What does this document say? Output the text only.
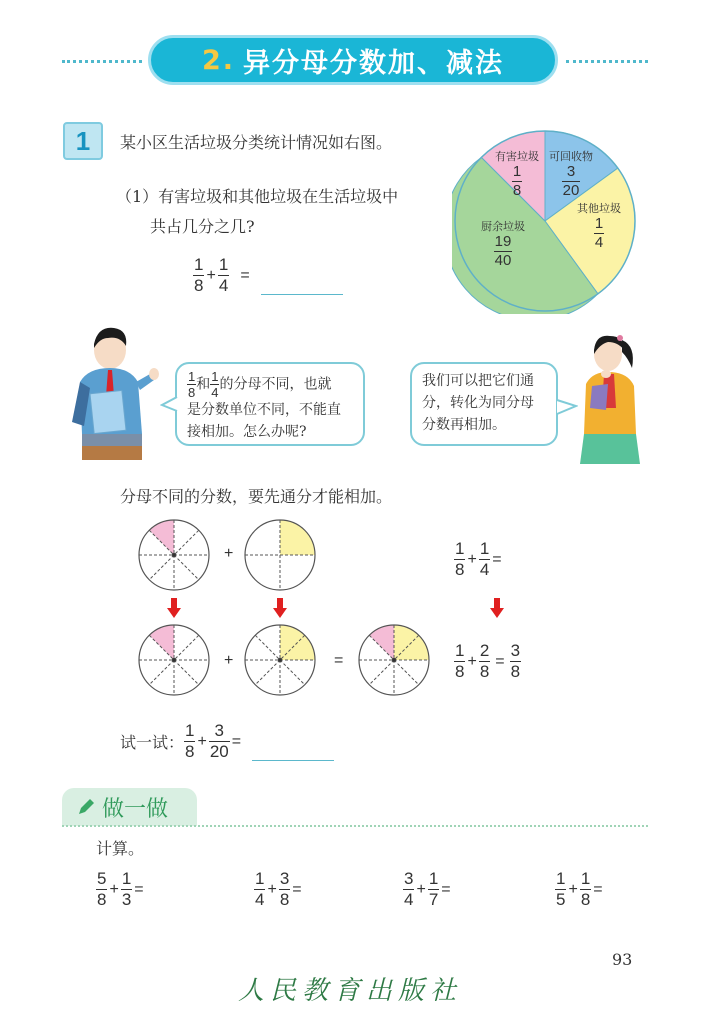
2. 异分母分数加、减法
1	某小区生活垃圾分类统计情况如右图。
（1）有害垃圾和其他垃圾在生活垃圾中
共占几分之几?
$\frac{1}{8} + \frac{1}{4}$ =
有害垃圾
$\frac{1}{8}$
可回收物
$\frac{3}{20}$
其他垃圾
$\frac{1}{4}$
厨余垃圾
$\frac{19}{40}$
$\frac{1}{8}$ 和 $\frac{1}{4}$ 的分母不同，也就
是分数单位不同，不能直
接相加。怎么办呢?
我们可以把它们通
分，转化为同分母
分数再相加。
分母不同的分数，要先通分才能相加。
+	$\frac{1}{8} + \frac{1}{4}$ =
+	=	$\frac{1}{8} + \frac{2}{8} = \frac{3}{8}$
试一试： $\frac{1}{8} + \frac{3}{20}$ =
做一做
计算。
$\frac{5}{8} + \frac{1}{3}$ =	$\frac{1}{4} + \frac{3}{8}$ =	$\frac{3}{4} + \frac{1}{7}$ =	$\frac{1}{5} + \frac{1}{8}$ =
93
人民教育出版社
